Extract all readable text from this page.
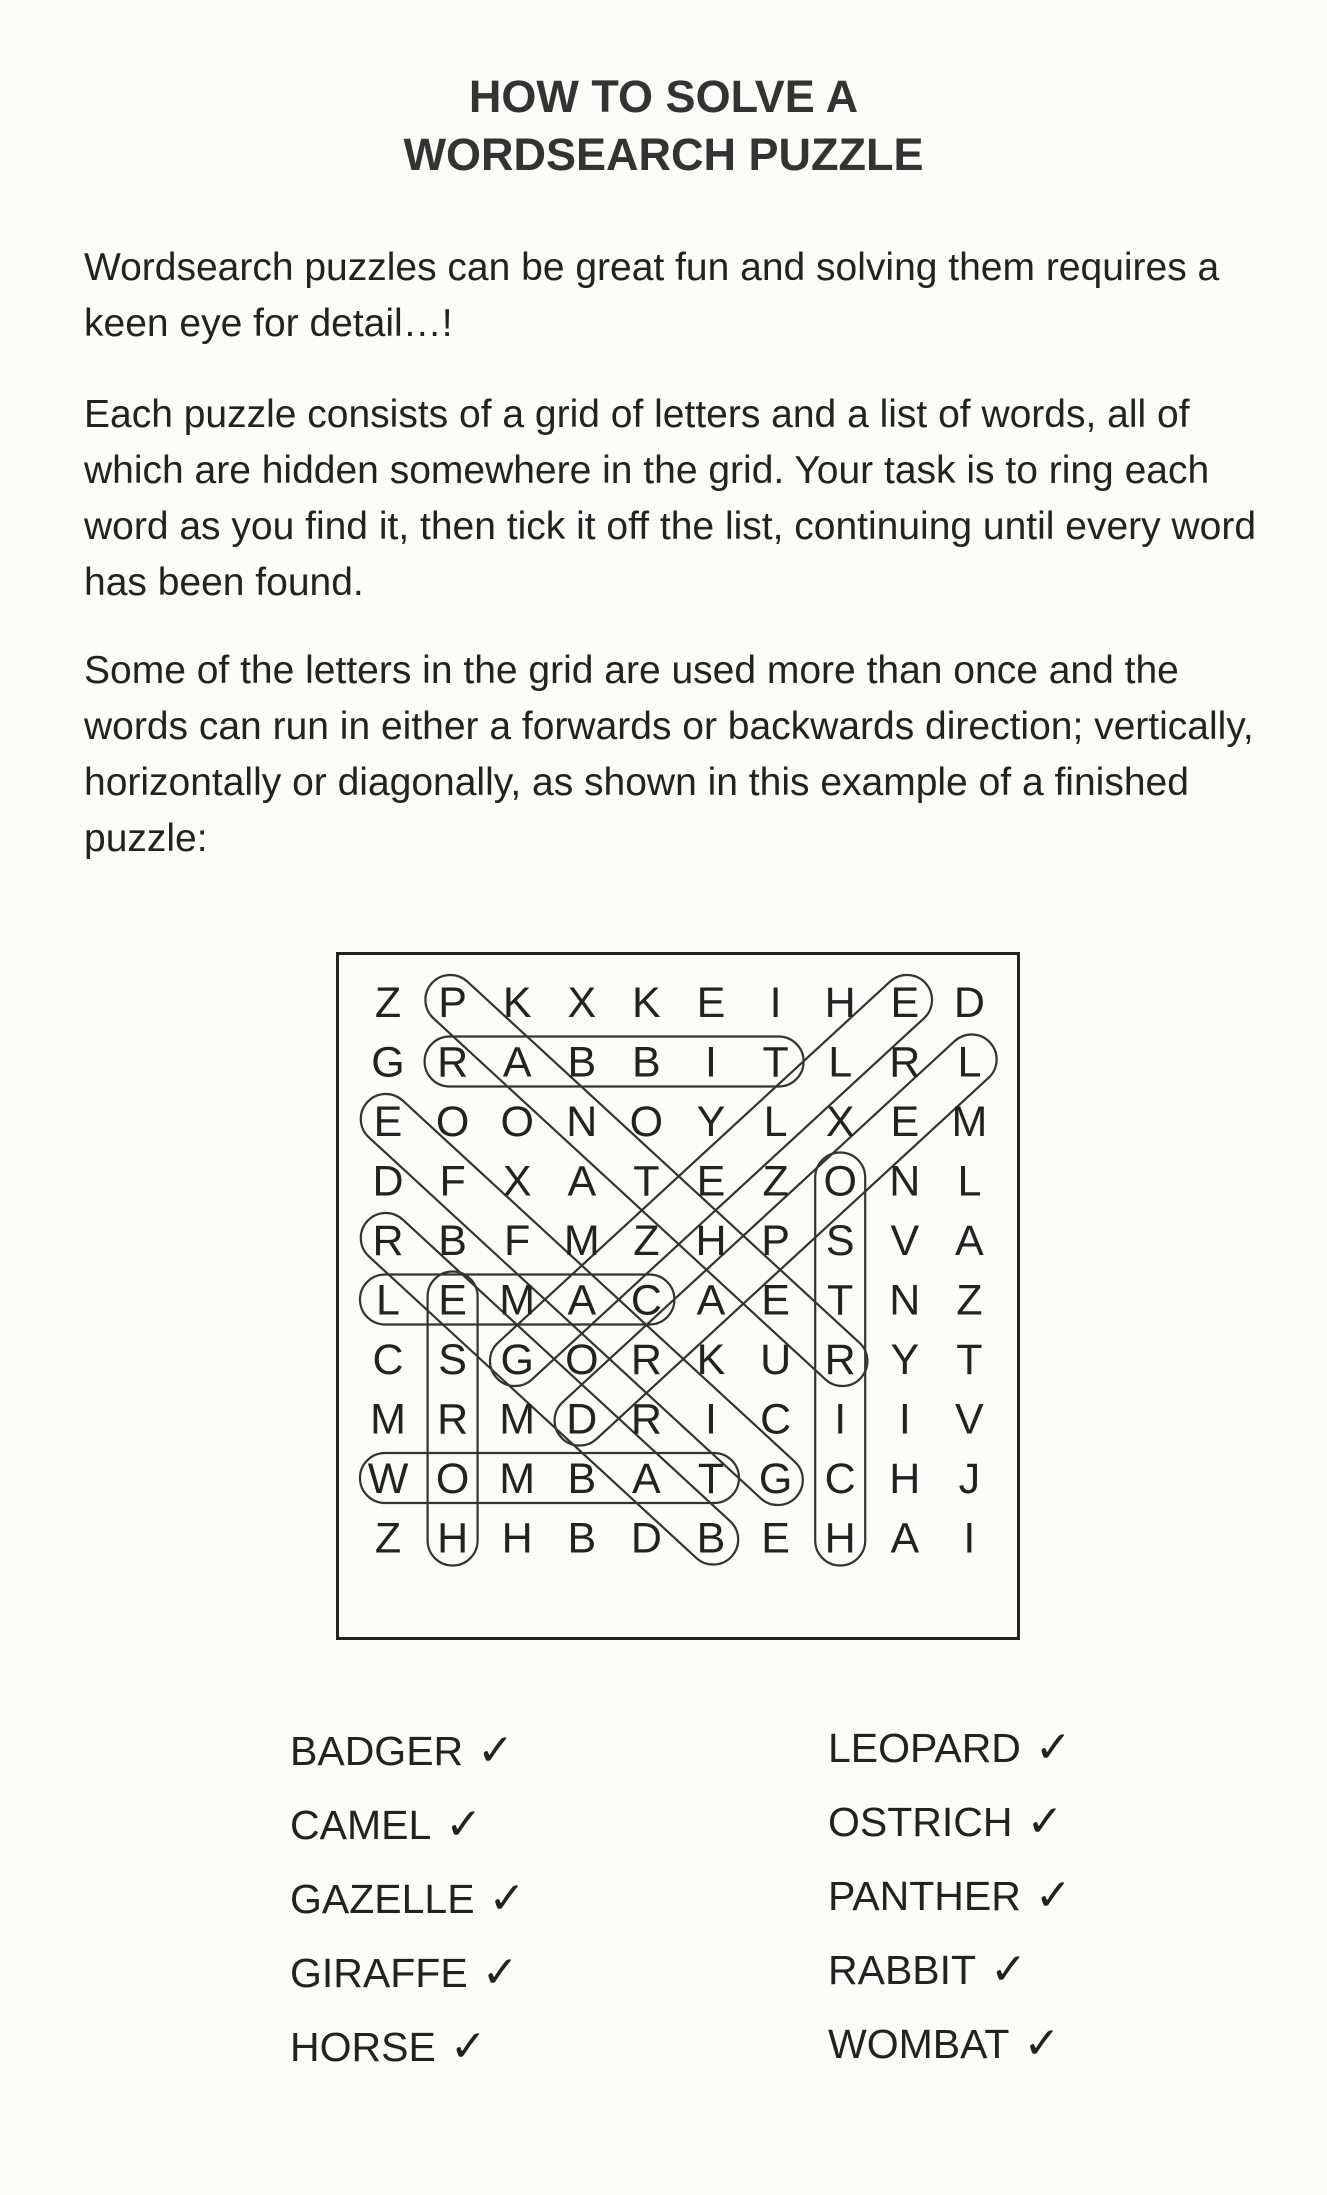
HOW TO SOLVE A
WORDSEARCH PUZZLE
Wordsearch puzzles can be great fun and solving them requires a keen eye for detail…!
Each puzzle consists of a grid of letters and a list of words, all of which are hidden somewhere in the grid. Your task is to ring each word as you find it, then tick it off the list, continuing until every word has been found.
Some of the letters in the grid are used more than once and the words can run in either a forwards or backwards direction; vertically, horizontally or diagonally, as shown in this example of a finished puzzle:
Z P K X K E I H E D
G R A B B I T L R L
E O O N O Y L X E M
D F X A T E Z O N L
R B F M Z H P S V A
L E M A C A E T N Z
C S G O R K U R Y T
M R M D R I C I I V
W O M B A T G C H J
Z H H B D B E H A I
BADGER ✓
CAMEL ✓
GAZELLE ✓
GIRAFFE ✓
HORSE ✓
LEOPARD ✓
OSTRICH ✓
PANTHER ✓
RABBIT ✓
WOMBAT ✓
